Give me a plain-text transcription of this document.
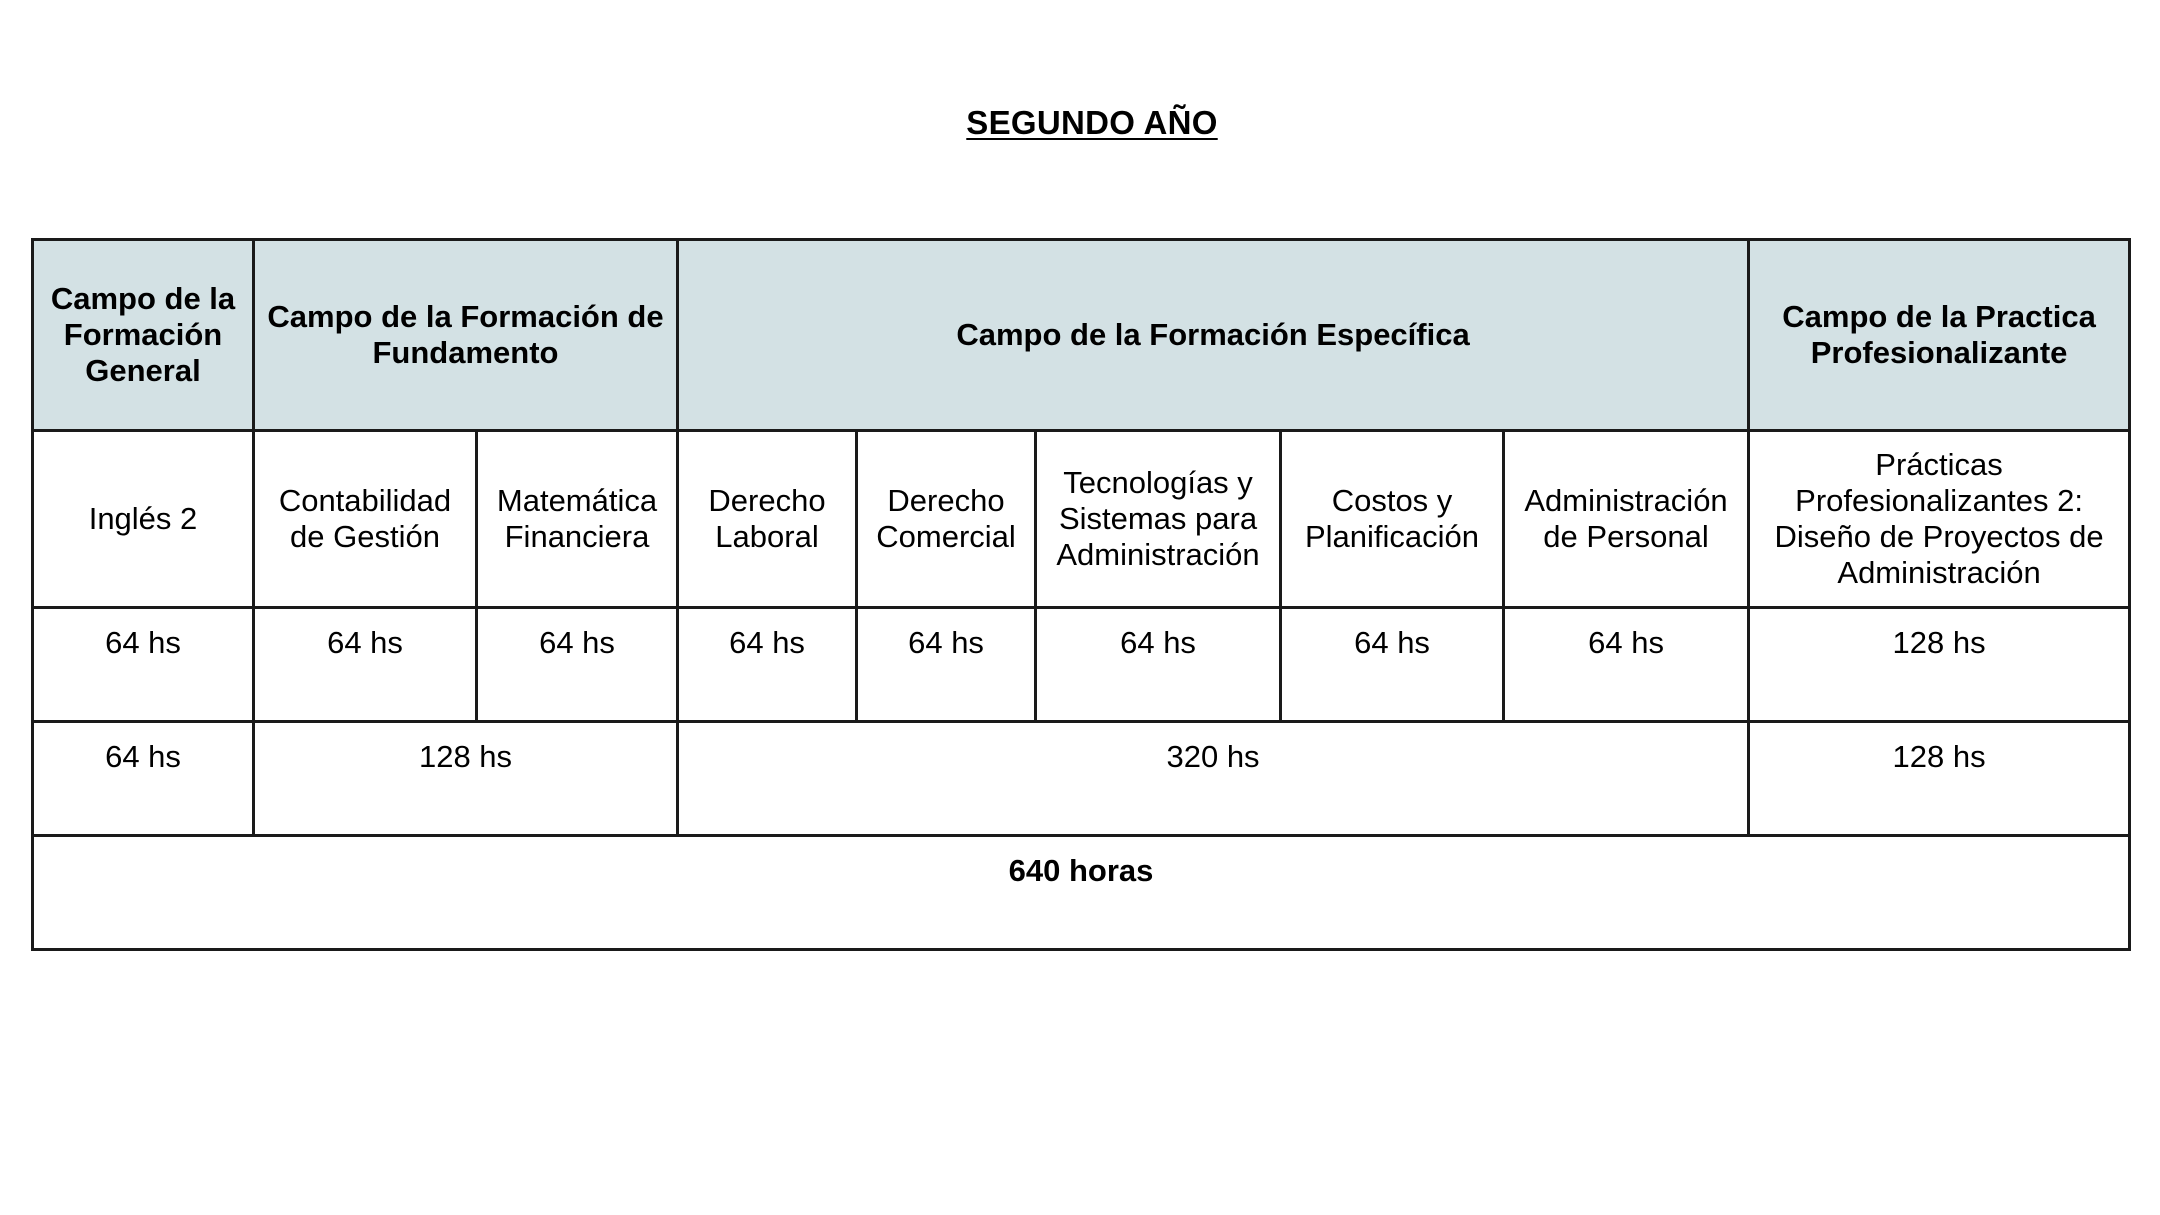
SEGUNDO AÑO
Campo de la Formación General	Campo de la Formación de Fundamento		Campo de la Formación Específica					Campo de la Practica Profesionalizante
Inglés 2	Contabilidad de Gestión	Matemática Financiera	Derecho Laboral	Derecho Comercial	Tecnologías y Sistemas para Administración	Costos y Planificación	Administración de Personal	Prácticas Profesionalizantes 2: Diseño de Proyectos de Administración
64 hs	64 hs	64 hs	64 hs	64 hs	64 hs	64 hs	64 hs	128 hs
64 hs	128 hs		320 hs					128 hs
640 horas								
